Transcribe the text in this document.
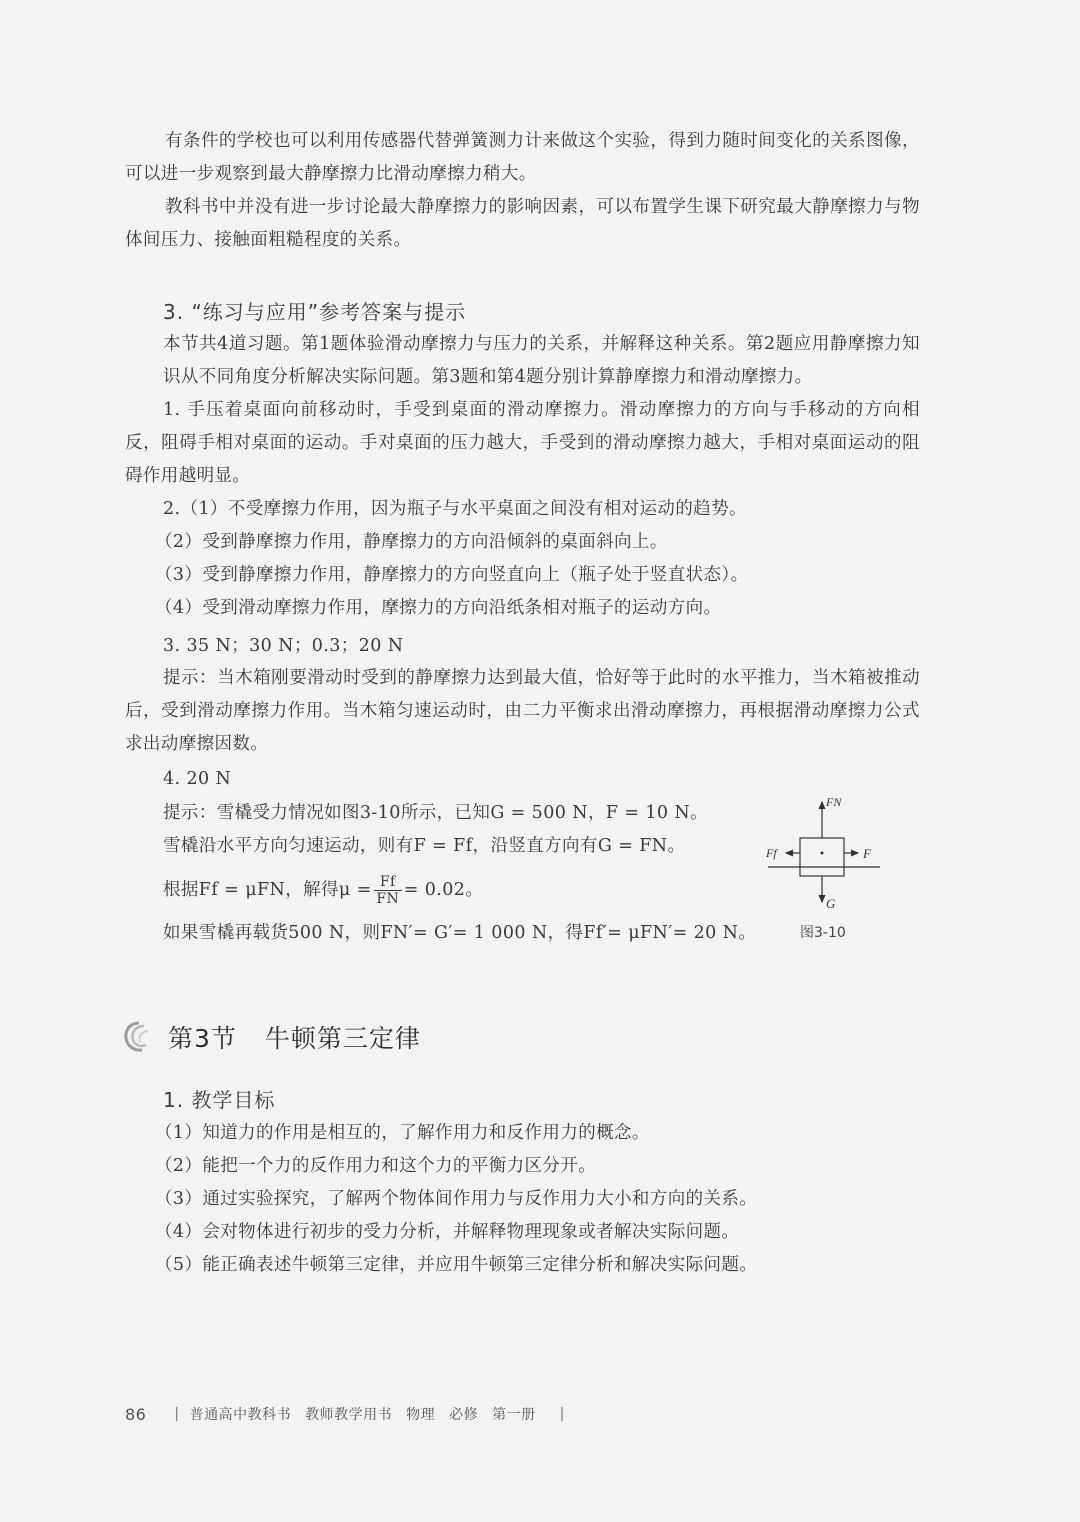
有条件的学校也可以利用传感器代替弹簧测力计来做这个实验，得到力随时间变化的关系图像，可以进一步观察到最大静摩擦力比滑动摩擦力稍大。

教科书中并没有进一步讨论最大静摩擦力的影响因素，可以布置学生课下研究最大静摩擦力与物体间压力、接触面粗糙程度的关系。

3. “练习与应用”参考答案与提示

本节共4道习题。第1题体验滑动摩擦力与压力的关系，并解释这种关系。第2题应用静摩擦力知识从不同角度分析解决实际问题。第3题和第4题分别计算静摩擦力和滑动摩擦力。

1. 手压着桌面向前移动时，手受到桌面的滑动摩擦力。滑动摩擦力的方向与手移动的方向相反，阻碍手相对桌面的运动。手对桌面的压力越大，手受到的滑动摩擦力越大，手相对桌面运动的阻碍作用越明显。

2.（1）不受摩擦力作用，因为瓶子与水平桌面之间没有相对运动的趋势。

（2）受到静摩擦力作用，静摩擦力的方向沿倾斜的桌面斜向上。

（3）受到静摩擦力作用，静摩擦力的方向竖直向上（瓶子处于竖直状态）。

（4）受到滑动摩擦力作用，摩擦力的方向沿纸条相对瓶子的运动方向。

3. 35 N；30 N；0.3；20 N

提示：当木箱刚要滑动时受到的静摩擦力达到最大值，恰好等于此时的水平推力，当木箱被推动后，受到滑动摩擦力作用。当木箱匀速运动时，由二力平衡求出滑动摩擦力，再根据滑动摩擦力公式求出动摩擦因数。

4. 20 N

提示：雪橇受力情况如图3-10所示，已知G = 500 N，F = 10 N。

雪橇沿水平方向匀速运动，则有F = Ff，沿竖直方向有G = FN。

根据Ff = μFN，解得$\mu = \frac{Ff}{FN} = 0.02$。

如果雪橇再载货500 N，则FN′= G′= 1 000 N，得Ff′= μFN′= 20 N。

FN
Ff	F
G
图3-10
第3节 牛顿第三定律
1. 教学目标

（1）知道力的作用是相互的，了解作用力和反作用力的概念。

（2）能把一个力的反作用力和这个力的平衡力区分开。

（3）通过实验探究，了解两个物体间作用力与反作用力大小和方向的关系。

（4）会对物体进行初步的受力分析，并解释物理现象或者解决实际问题。

（5）能正确表述牛顿第三定律，并应用牛顿第三定律分析和解决实际问题。

86 | 普通高中教科书 教师教学用书 物理 必修 第一册 |
